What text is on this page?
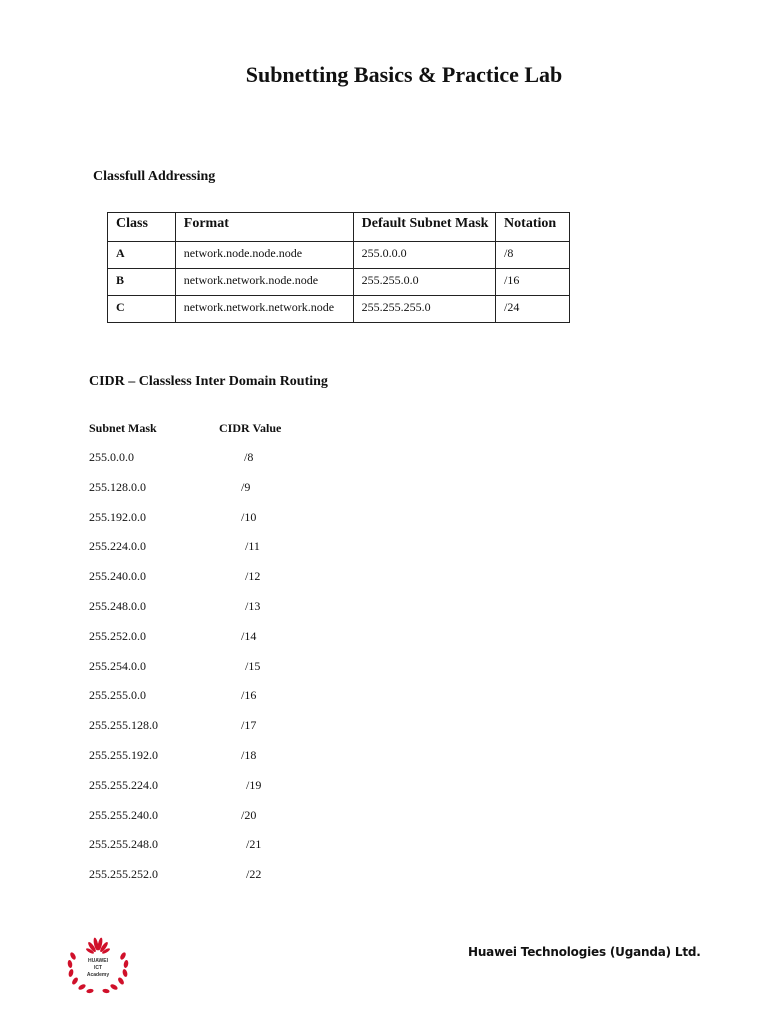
Subnetting Basics & Practice Lab
Classfull Addressing
Class	Format	Default Subnet Mask	Notation
A	network.node.node.node	255.0.0.0	/8
B	network.network.node.node	255.255.0.0	/16
C	network.network.network.node	255.255.255.0	/24
CIDR – Classless Inter Domain Routing
Subnet Mask	CIDR Value
255.0.0.0	/8
255.128.0.0	/9
255.192.0.0	/10
255.224.0.0	/11
255.240.0.0	/12
255.248.0.0	/13
255.252.0.0	/14
255.254.0.0	/15
255.255.0.0	/16
255.255.128.0	/17
255.255.192.0	/18
255.255.224.0	/19
255.255.240.0	/20
255.255.248.0	/21
255.255.252.0	/22
HUAWEI
ICT
Academy
Huawei Technologies (Uganda) Ltd.
